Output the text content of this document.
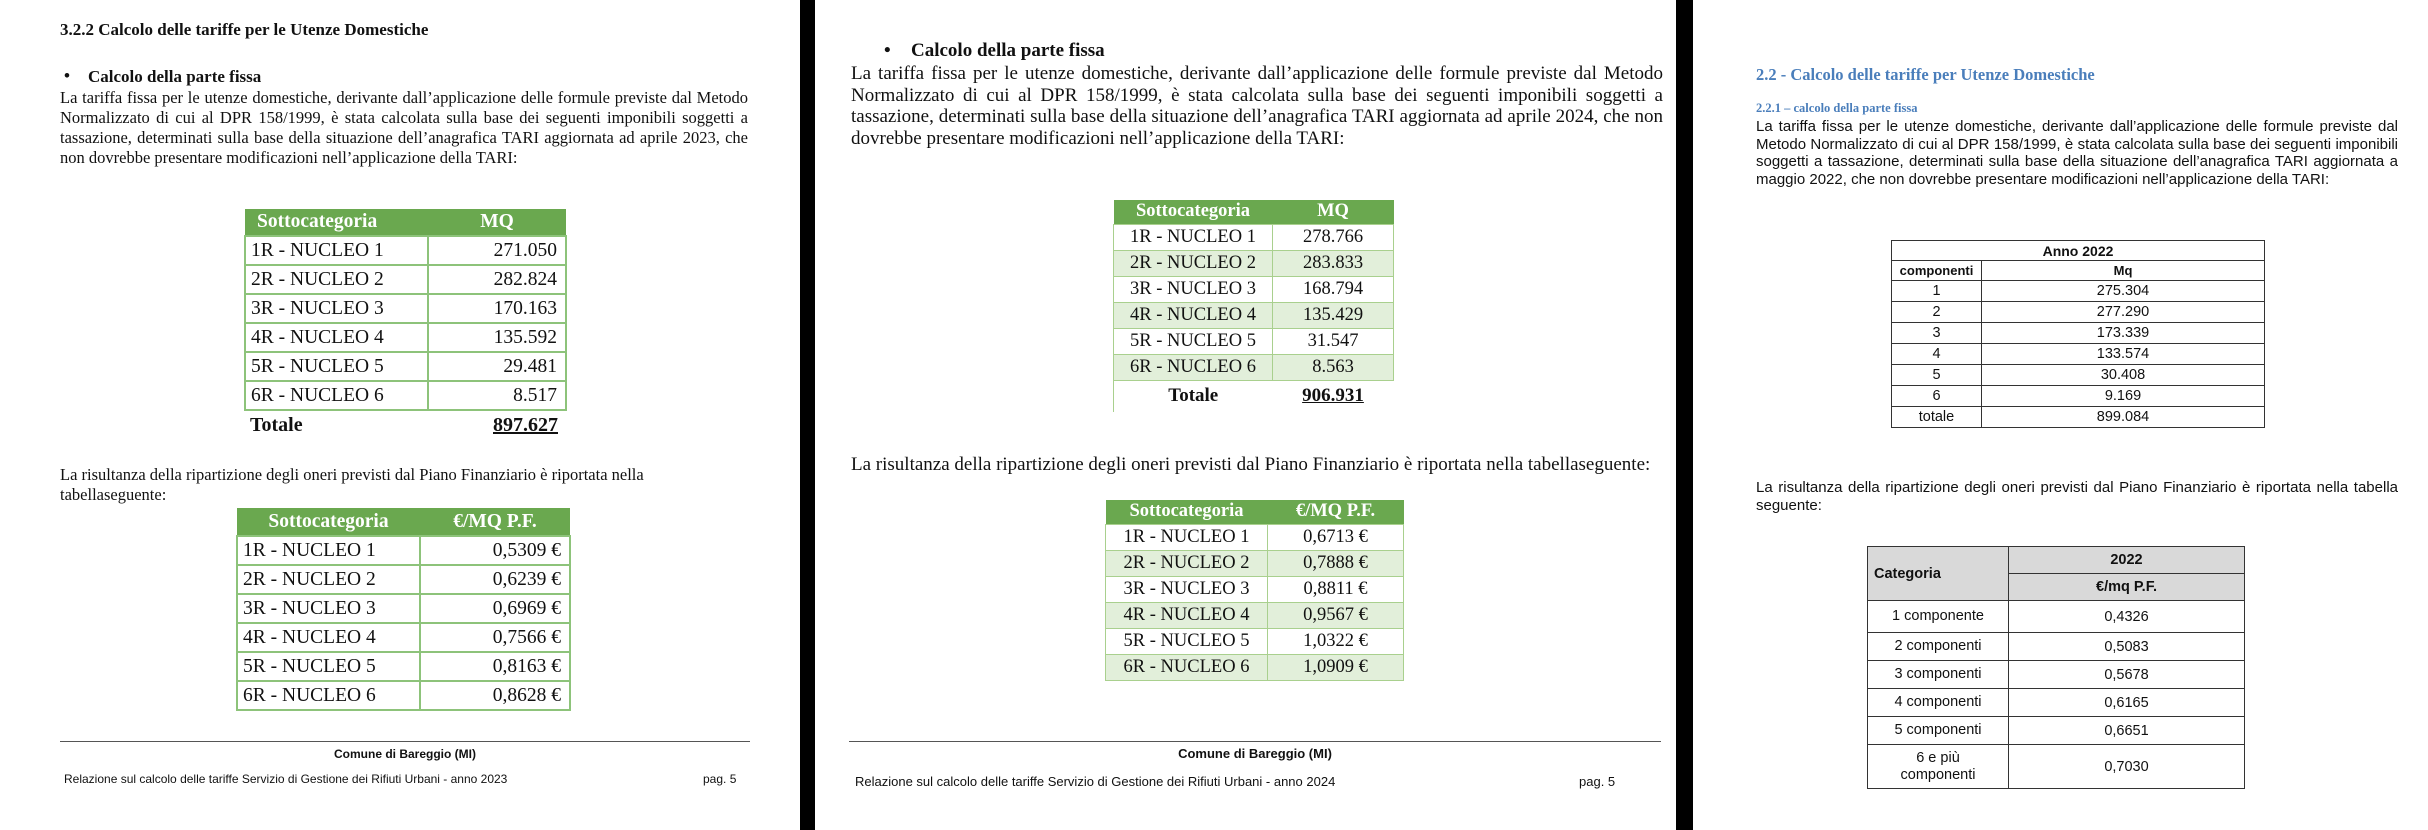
3.2.2 Calcolo delle tariffe per le Utenze Domestiche
• Calcolo della parte fissa
La tariffa fissa per le utenze domestiche, derivante dall’applicazione delle formule previste dal Metodo Normalizzato di cui al DPR 158/1999, è stata calcolata sulla base dei seguenti imponibili soggetti a tassazione, determinati sulla base della situazione dell’anagrafica TARI aggiornata ad aprile 2023, che non dovrebbe presentare modificazioni nell’applicazione della TARI:
Sottocategoria	MQ
1R - NUCLEO 1	271.050
2R - NUCLEO 2	282.824
3R - NUCLEO 3	170.163
4R - NUCLEO 4	135.592
5R - NUCLEO 5	29.481
6R - NUCLEO 6	8.517
Totale	897.627
La risultanza della ripartizione degli oneri previsti dal Piano Finanziario è riportata nella tabellaseguente:
Sottocategoria	€/MQ P.F.
1R - NUCLEO 1	0,5309 €
2R - NUCLEO 2	0,6239 €
3R - NUCLEO 3	0,6969 €
4R - NUCLEO 4	0,7566 €
5R - NUCLEO 5	0,8163 €
6R - NUCLEO 6	0,8628 €
Comune di Bareggio (MI)
Relazione sul calcolo delle tariffe Servizio di Gestione dei Rifiuti Urbani - anno 2023	pag. 5
• Calcolo della parte fissa
La tariffa fissa per le utenze domestiche, derivante dall’applicazione delle formule previste dal Metodo Normalizzato di cui al DPR 158/1999, è stata calcolata sulla base dei seguenti imponibili soggetti a tassazione, determinati sulla base della situazione dell’anagrafica TARI aggiornata ad aprile 2024, che non dovrebbe presentare modificazioni nell’applicazione della TARI:
Sottocategoria	MQ
1R - NUCLEO 1	278.766
2R - NUCLEO 2	283.833
3R - NUCLEO 3	168.794
4R - NUCLEO 4	135.429
5R - NUCLEO 5	31.547
6R - NUCLEO 6	8.563
Totale	906.931
La risultanza della ripartizione degli oneri previsti dal Piano Finanziario è riportata nella tabellaseguente:
Sottocategoria	€/MQ P.F.
1R - NUCLEO 1	0,6713 €
2R - NUCLEO 2	0,7888 €
3R - NUCLEO 3	0,8811 €
4R - NUCLEO 4	0,9567 €
5R - NUCLEO 5	1,0322 €
6R - NUCLEO 6	1,0909 €
Comune di Bareggio (MI)
Relazione sul calcolo delle tariffe Servizio di Gestione dei Rifiuti Urbani - anno 2024	pag. 5
2.2 - Calcolo delle tariffe per Utenze Domestiche
2.2.1 – calcolo della parte fissa
La tariffa fissa per le utenze domestiche, derivante dall’applicazione delle formule previste dal Metodo Normalizzato di cui al DPR 158/1999, è stata calcolata sulla base dei seguenti imponibili soggetti a tassazione, determinati sulla base della situazione dell’anagrafica TARI aggiornata a maggio 2022, che non dovrebbe presentare modificazioni nell’applicazione della TARI:
Anno 2022	
componenti	Mq
1	275.304
2	277.290
3	173.339
4	133.574
5	30.408
6	9.169
totale	899.084
La risultanza della ripartizione degli oneri previsti dal Piano Finanziario è riportata nella tabella seguente:
Categoria	2022
	€/mq P.F.
1 componente	0,4326
2 componenti	0,5083
3 componenti	0,5678
4 componenti	0,6165
5 componenti	0,6651
6 e più componenti	0,7030
